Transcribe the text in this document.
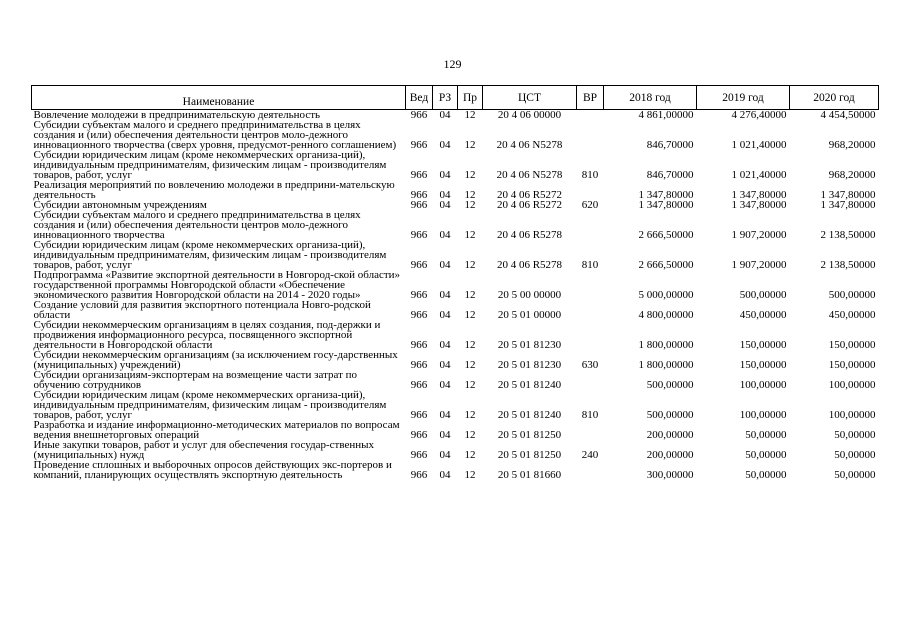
129
Наименование	Вед	РЗ	Пр	ЦСТ	ВР	2018 год	2019 год	2020 год
Вовлечение молодежи в предпринимательскую деятельность	966	04	12	20 4 06 00000		4 861,00000	4 276,40000	4 454,50000
Субсидии субъектам малого и среднего предпринимательства в целях создания и (или) обеспечения деятельности центров моло-дежного инновационного творчества (сверх уровня, предусмот-ренного соглашением)	966	04	12	20 4 06 N5278		846,70000	1 021,40000	968,20000
Субсидии юридическим лицам (кроме некоммерческих организа-ций), индивидуальным предпринимателям, физическим лицам - производителям товаров, работ, услуг	966	04	12	20 4 06 N5278	810	846,70000	1 021,40000	968,20000
Реализация мероприятий по вовлечению молодежи в предприни-мательскую деятельность	966	04	12	20 4 06 R5272		1 347,80000	1 347,80000	1 347,80000
Субсидии автономным учреждениям	966	04	12	20 4 06 R5272	620	1 347,80000	1 347,80000	1 347,80000
Субсидии субъектам малого и среднего предпринимательства в целях создания и (или) обеспечения деятельности центров моло-дежного инновационного творчества	966	04	12	20 4 06 R5278		2 666,50000	1 907,20000	2 138,50000
Субсидии юридическим лицам (кроме некоммерческих организа-ций), индивидуальным предпринимателям, физическим лицам - производителям товаров, работ, услуг	966	04	12	20 4 06 R5278	810	2 666,50000	1 907,20000	2 138,50000
Подпрограмма «Развитие экспортной деятельности в Новгород-ской области» государственной программы Новгородской области «Обеспечение экономического развития Новгородской области на 2014 - 2020 годы»	966	04	12	20 5 00 00000		5 000,00000	500,00000	500,00000
Создание условий для развития экспортного потенциала Новго-родской области	966	04	12	20 5 01 00000		4 800,00000	450,00000	450,00000
Субсидии некоммерческим организациям в целях создания, под-держки и продвижения информационного ресурса, посвященного экспортной деятельности в Новгородской области	966	04	12	20 5 01 81230		1 800,00000	150,00000	150,00000
Субсидии некоммерческим организациям (за исключением госу-дарственных (муниципальных) учреждений)	966	04	12	20 5 01 81230	630	1 800,00000	150,00000	150,00000
Субсидии организациям-экспортерам на возмещение части затрат по обучению сотрудников	966	04	12	20 5 01 81240		500,00000	100,00000	100,00000
Субсидии юридическим лицам (кроме некоммерческих организа-ций), индивидуальным предпринимателям, физическим лицам - производителям товаров, работ, услуг	966	04	12	20 5 01 81240	810	500,00000	100,00000	100,00000
Разработка и издание информационно-методических материалов по вопросам ведения внешнеторговых операций	966	04	12	20 5 01 81250		200,00000	50,00000	50,00000
Иные закупки товаров, работ и услуг для обеспечения государ-ственных (муниципальных) нужд	966	04	12	20 5 01 81250	240	200,00000	50,00000	50,00000
Проведение сплошных и выборочных опросов действующих экс-портеров и компаний, планирующих осуществлять экспортную деятельность	966	04	12	20 5 01 81660		300,00000	50,00000	50,00000
